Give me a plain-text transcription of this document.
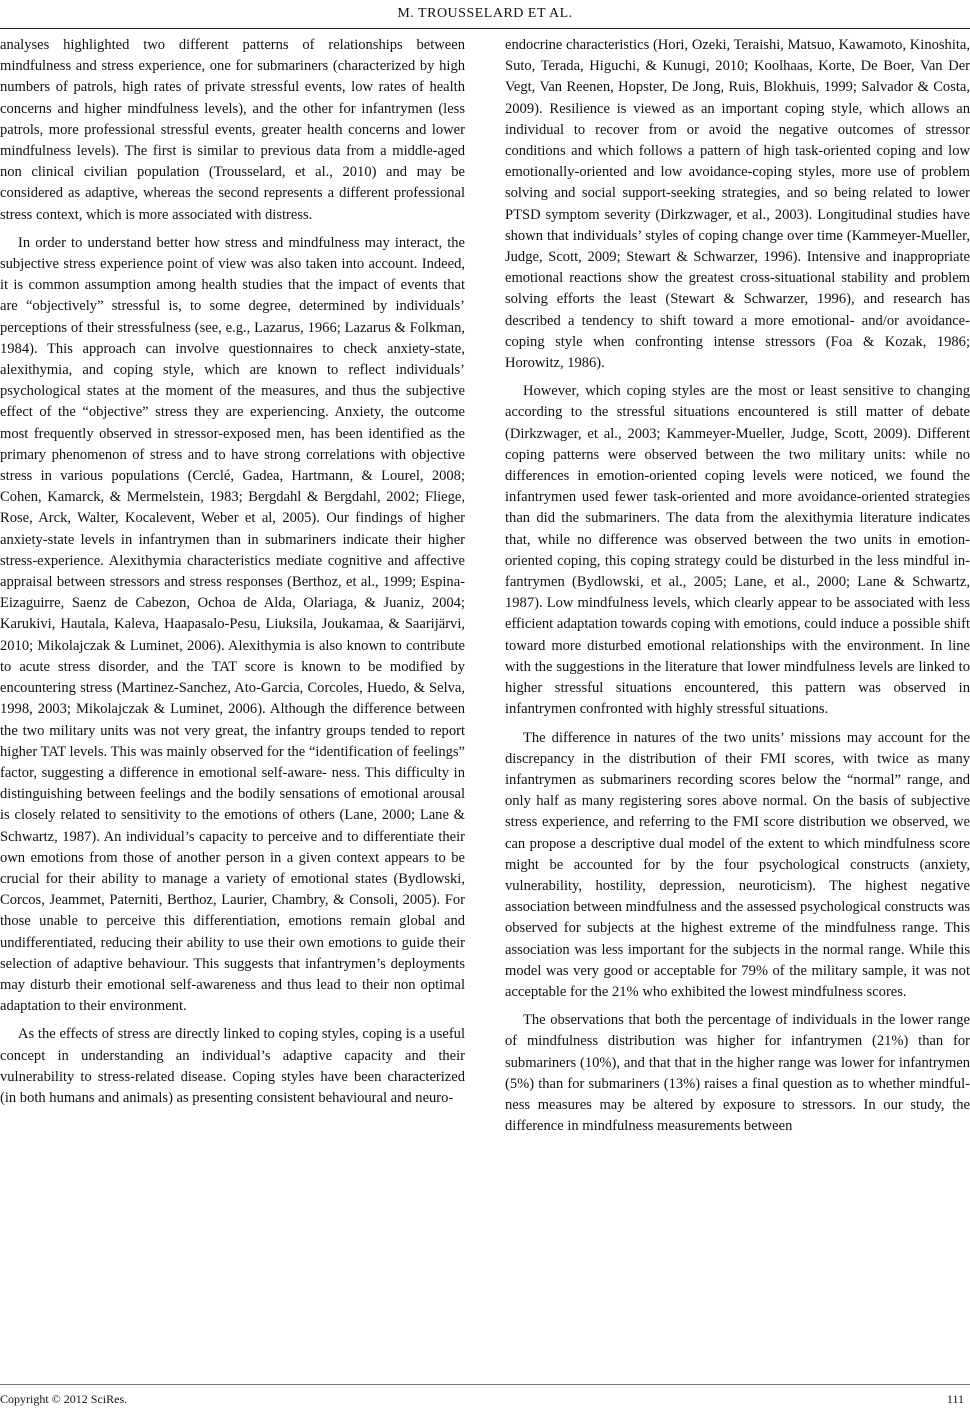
M. TROUSSELARD ET AL.

analyses highlighted two different patterns of relationships between mindfulness and stress experience, one for submariners (characterized by high numbers of patrols, high rates of private stressful events, low rates of health concerns and higher mindfulness levels), and the other for infantrymen (less patrols, more professional stressful events, greater health concerns and lower mindfulness levels). The first is similar to previous data from a middle-aged non clinical civilian population (Trousselard, et al., 2010) and may be considered as adaptive, whereas the second represents a different professional stress context, which is more associated with distress.

In order to understand better how stress and mindfulness may interact, the subjective stress experience point of view was also taken into account. Indeed, it is common assumption among health studies that the impact of events that are “objectively” stressful is, to some degree, determined by individuals’ perceptions of their stressfulness (see, e.g., Lazarus, 1966; Lazarus & Folkman, 1984). This approach can involve questionnaires to check anxiety-state, alexithymia, and coping style, which are known to reflect individuals’ psychological states at the moment of the measures, and thus the subjective effect of the “objective” stress they are experiencing. Anxiety, the outcome most frequently observed in stressor-exposed men, has been identified as the primary phenomenon of stress and to have strong correlations with objective stress in various populations (Cerclé, Gadea, Hartmann, & Lourel, 2008; Cohen, Kamarck, & Mermelstein, 1983; Bergdahl & Bergdahl, 2002; Fliege, Rose, Arck, Walter, Kocalevent, Weber et al, 2005). Our findings of higher anxiety-state levels in infantrymen than in submariners indicate their higher stress-experience. Alexithymia characteristics mediate cognitive and affective appraisal between stressors and stress responses (Berthoz, et al., 1999; Espina-Eizaguirre, Saenz de Cabezon, Ochoa de Alda, Olariaga, & Juaniz, 2004; Karukivi, Hautala, Kaleva, Haapasalo-Pesu, Liuksila, Joukamaa, & Saarijärvi, 2010; Mikolajczak & Luminet, 2006). Alexithymia is also known to contribute to acute stress disorder, and the TAT score is known to be modified by encountering stress (Martinez-Sanchez, Ato-Garcia, Corcoles, Huedo, & Selva, 1998, 2003; Mikolajczak & Luminet, 2006). Although the difference between the two military units was not very great, the infantry groups tended to report higher TAT levels. This was mainly observed for the “identification of feelings” factor, suggesting a difference in emotional self-aware- ness. This difficulty in distinguishing between feelings and the bodily sensations of emotional arousal is closely related to sensitivity to the emotions of others (Lane, 2000; Lane & Schwartz, 1987). An individual’s capacity to perceive and to differentiate their own emotions from those of another person in a given context appears to be crucial for their ability to manage a variety of emotional states (Bydlowski, Corcos, Jeammet, Paterniti, Berthoz, Laurier, Chambry, & Consoli, 2005). For those unable to perceive this differentiation, emotions remain global and undifferentiated, reducing their ability to use their own emotions to guide their selection of adaptive behaviour. This suggests that infantrymen’s deployments may disturb their emotional self-awareness and thus lead to their non optimal adaptation to their environment.

As the effects of stress are directly linked to coping styles, coping is a useful concept in understanding an individual’s adaptive capacity and their vulnerability to stress-related disease. Coping styles have been characterized (in both humans and animals) as presenting consistent behavioural and neuro-

endocrine characteristics (Hori, Ozeki, Teraishi, Matsuo, Kawamoto, Kinoshita, Suto, Terada, Higuchi, & Kunugi, 2010; Koolhaas, Korte, De Boer, Van Der Vegt, Van Reenen, Hopster, De Jong, Ruis, Blokhuis, 1999; Salvador & Costa, 2009). Resilience is viewed as an important coping style, which allows an individual to recover from or avoid the negative outcomes of stressor conditions and which follows a pattern of high task-oriented coping and low emotionally-oriented and low avoidance-coping styles, more use of problem solving and social support-seeking strategies, and so being related to lower PTSD symptom severity (Dirkzwager, et al., 2003). Longitudinal studies have shown that individuals’ styles of coping change over time (Kammeyer-Mueller, Judge, Scott, 2009; Stewart & Schwarzer, 1996). Intensive and inappropriate emotional reactions show the greatest cross-situational stability and problem solving efforts the least (Stewart & Schwarzer, 1996), and research has described a tendency to shift toward a more emotional- and/or avoidance-coping style when confronting intense stressors (Foa & Kozak, 1986; Horowitz, 1986).

However, which coping styles are the most or least sensitive to changing according to the stressful situations encountered is still matter of debate (Dirkzwager, et al., 2003; Kammeyer-Mueller, Judge, Scott, 2009). Different coping patterns were observed between the two military units: while no differences in emotion-oriented coping levels were noticed, we found the infantrymen used fewer task-oriented and more avoidance-oriented strategies than did the submariners. The data from the alexithymia literature indicates that, while no difference was observed between the two units in emotion-oriented coping, this coping strategy could be disturbed in the less mindful infantrymen (Bydlowski, et al., 2005; Lane, et al., 2000; Lane & Schwartz, 1987). Low mindfulness levels, which clearly appear to be associated with less efficient adaptation towards coping with emotions, could induce a possible shift toward more disturbed emotional relationships with the environment. In line with the suggestions in the literature that lower mindfulness levels are linked to higher stressful situations encountered, this pattern was observed in infantrymen confronted with highly stressful situations.

The difference in natures of the two units’ missions may account for the discrepancy in the distribution of their FMI scores, with twice as many infantrymen as submariners recording scores below the “normal” range, and only half as many registering sores above normal. On the basis of subjective stress experience, and referring to the FMI score distribution we observed, we can propose a descriptive dual model of the extent to which mindfulness score might be accounted for by the four psychological constructs (anxiety, vulnerability, hostility, depression, neuroticism). The highest negative association between mindfulness and the assessed psychological constructs was observed for subjects at the highest extreme of the mindfulness range. This association was less important for the subjects in the normal range. While this model was very good or acceptable for 79% of the military sample, it was not acceptable for the 21% who exhibited the lowest mindfulness scores.

The observations that both the percentage of individuals in the lower range of mindfulness distribution was higher for infantrymen (21%) than for submariners (10%), and that that in the higher range was lower for infantrymen (5%) than for submariners (13%) raises a final question as to whether mindfulness measures may be altered by exposure to stressors. In our study, the difference in mindfulness measurements between

Copyright © 2012 SciRes.	111
